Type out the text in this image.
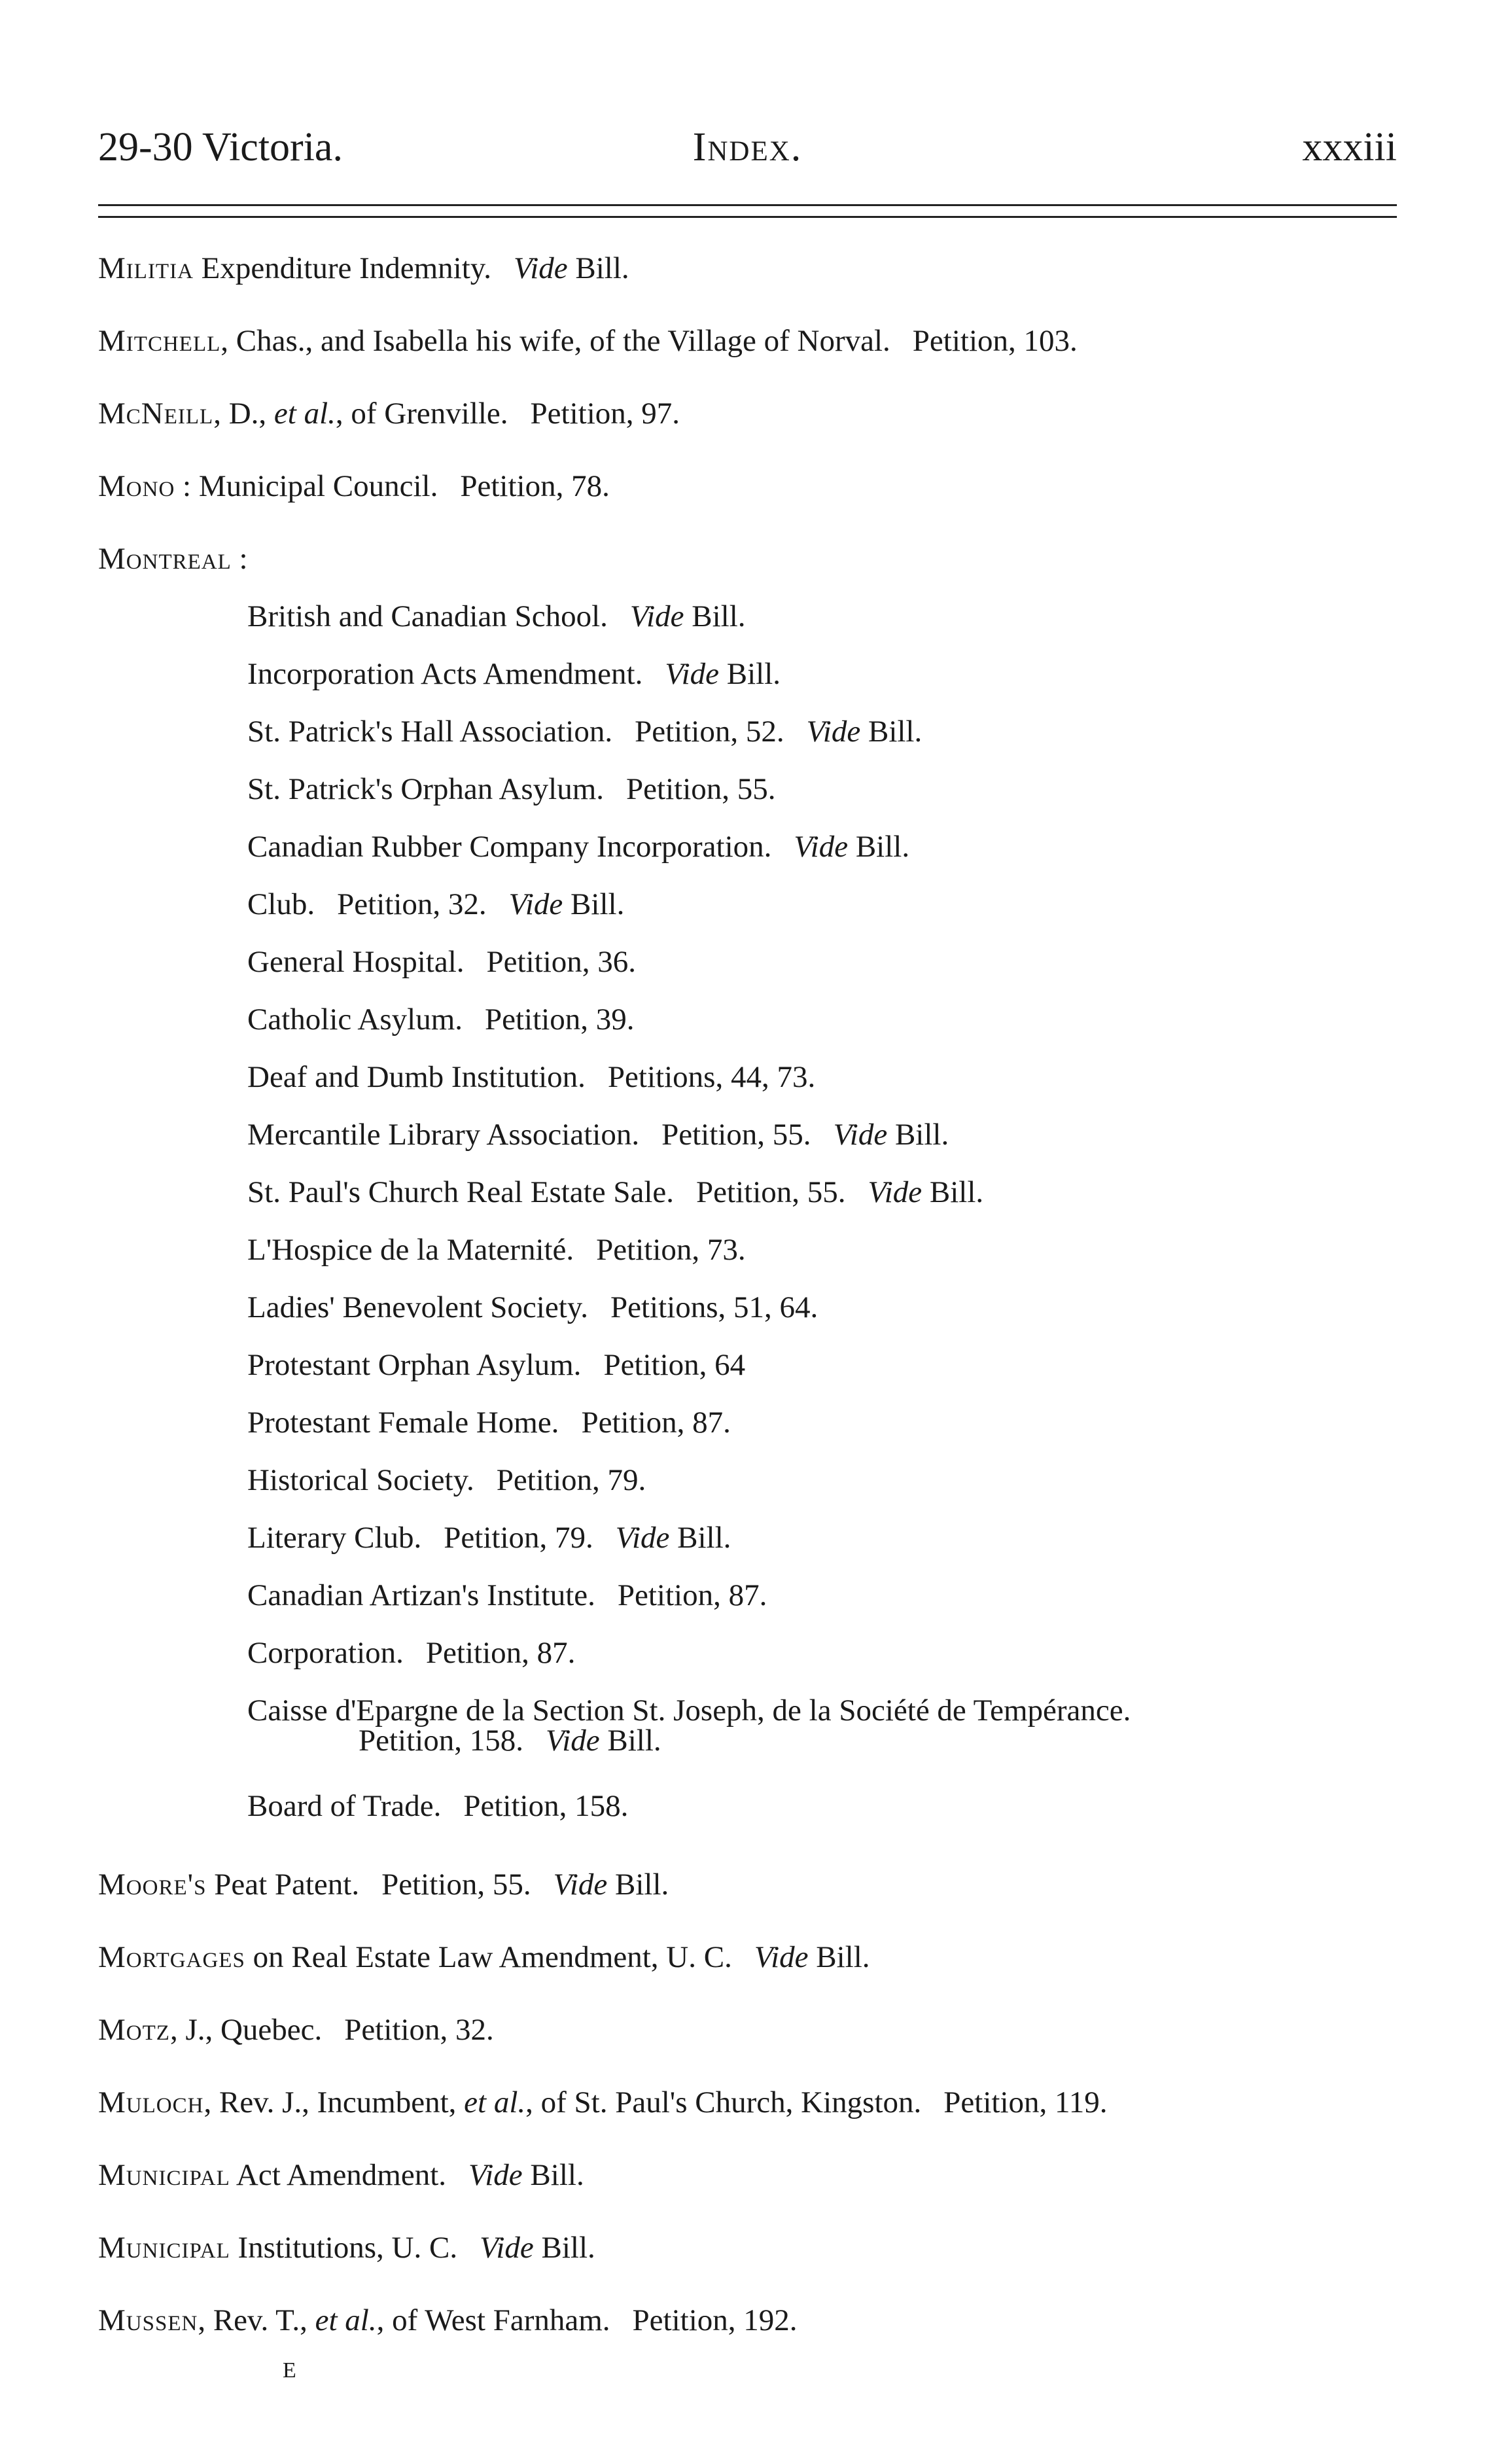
29-30 Victoria.	Index.	xxxiii
Militia Expenditure Indemnity. Vide Bill.
Mitchell, Chas., and Isabella his wife, of the Village of Norval. Petition, 103.
McNeill, D., et al., of Grenville. Petition, 97.
Mono : Municipal Council. Petition, 78.
Montreal :
British and Canadian School. Vide Bill.
Incorporation Acts Amendment. Vide Bill.
St. Patrick's Hall Association. Petition, 52. Vide Bill.
St. Patrick's Orphan Asylum. Petition, 55.
Canadian Rubber Company Incorporation. Vide Bill.
Club. Petition, 32. Vide Bill.
General Hospital. Petition, 36.
Catholic Asylum. Petition, 39.
Deaf and Dumb Institution. Petitions, 44, 73.
Mercantile Library Association. Petition, 55. Vide Bill.
St. Paul's Church Real Estate Sale. Petition, 55. Vide Bill.
L'Hospice de la Maternité. Petition, 73.
Ladies' Benevolent Society. Petitions, 51, 64.
Protestant Orphan Asylum. Petition, 64
Protestant Female Home. Petition, 87.
Historical Society. Petition, 79.
Literary Club. Petition, 79. Vide Bill.
Canadian Artizan's Institute. Petition, 87.
Corporation. Petition, 87.
Caisse d'Epargne de la Section St. Joseph, de la Société de Tempérance.
Petition, 158. Vide Bill.
Board of Trade. Petition, 158.
Moore's Peat Patent. Petition, 55. Vide Bill.
Mortgages on Real Estate Law Amendment, U. C. Vide Bill.
Motz, J., Quebec. Petition, 32.
Muloch, Rev. J., Incumbent, et al., of St. Paul's Church, Kingston. Petition, 119.
Municipal Act Amendment. Vide Bill.
Municipal Institutions, U. C. Vide Bill.
Mussen, Rev. T., et al., of West Farnham. Petition, 192.
E
